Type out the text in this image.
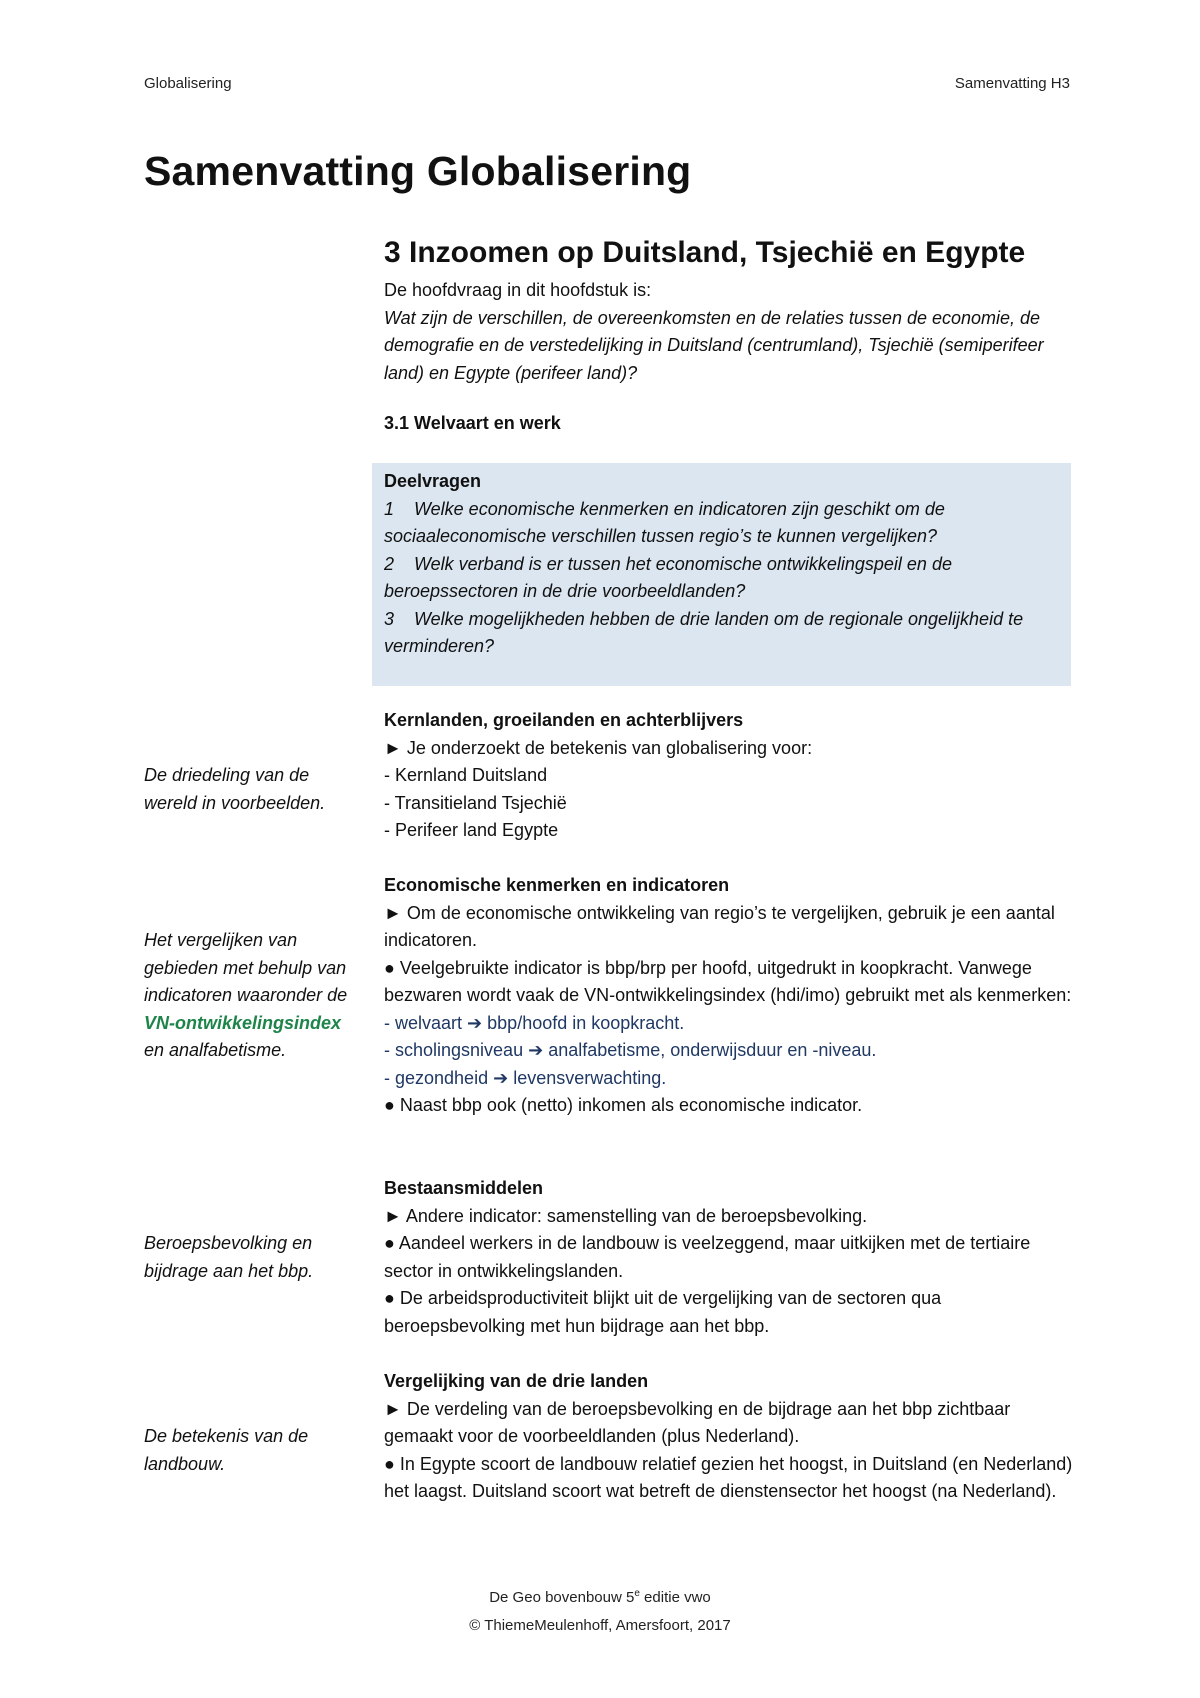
Globalisering	Samenvatting H3
Samenvatting Globalisering
3 Inzoomen op Duitsland, Tsjechië en Egypte
De hoofdvraag in dit hoofdstuk is:
Wat zijn de verschillen, de overeenkomsten en de relaties tussen de economie, de demografie en de verstedelijking in Duitsland (centrumland), Tsjechië (semiperifeer land) en Egypte (perifeer land)?
3.1 Welvaart en werk
Deelvragen
1 Welke economische kenmerken en indicatoren zijn geschikt om de sociaaleconomische verschillen tussen regio’s te kunnen vergelijken?
2 Welk verband is er tussen het economische ontwikkelingspeil en de beroepssectoren in de drie voorbeeldlanden?
3 Welke mogelijkheden hebben de drie landen om de regionale ongelijkheid te verminderen?
Kernlanden, groeilanden en achterblijvers
► Je onderzoekt de betekenis van globalisering voor:
- Kernland Duitsland
- Transitieland Tsjechië
- Perifeer land Egypte
De driedeling van de wereld in voorbeelden.
Economische kenmerken en indicatoren
► Om de economische ontwikkeling van regio’s te vergelijken, gebruik je een aantal indicatoren.
● Veelgebruikte indicator is bbp/brp per hoofd, uitgedrukt in koopkracht. Vanwege bezwaren wordt vaak de VN-ontwikkelingsindex (hdi/imo) gebruikt met als kenmerken:
- welvaart ➔ bbp/hoofd in koopkracht.
- scholingsniveau ➔ analfabetisme, onderwijsduur en -niveau.
- gezondheid ➔ levensverwachting.
● Naast bbp ook (netto) inkomen als economische indicator.
Het vergelijken van gebieden met behulp van indicatoren waaronder de VN-ontwikkelingsindex en analfabetisme.
Bestaansmiddelen
► Andere indicator: samenstelling van de beroepsbevolking.
● Aandeel werkers in de landbouw is veelzeggend, maar uitkijken met de tertiaire sector in ontwikkelingslanden.
● De arbeidsproductiviteit blijkt uit de vergelijking van de sectoren qua beroepsbevolking met hun bijdrage aan het bbp.
Beroepsbevolking en bijdrage aan het bbp.
Vergelijking van de drie landen
► De verdeling van de beroepsbevolking en de bijdrage aan het bbp zichtbaar gemaakt voor de voorbeeldlanden (plus Nederland).
● In Egypte scoort de landbouw relatief gezien het hoogst, in Duitsland (en Nederland) het laagst. Duitsland scoort wat betreft de dienstensector het hoogst (na Nederland).
De betekenis van de landbouw.
De Geo bovenbouw 5e editie vwo
© ThiemeMeulenhoff, Amersfoort, 2017
